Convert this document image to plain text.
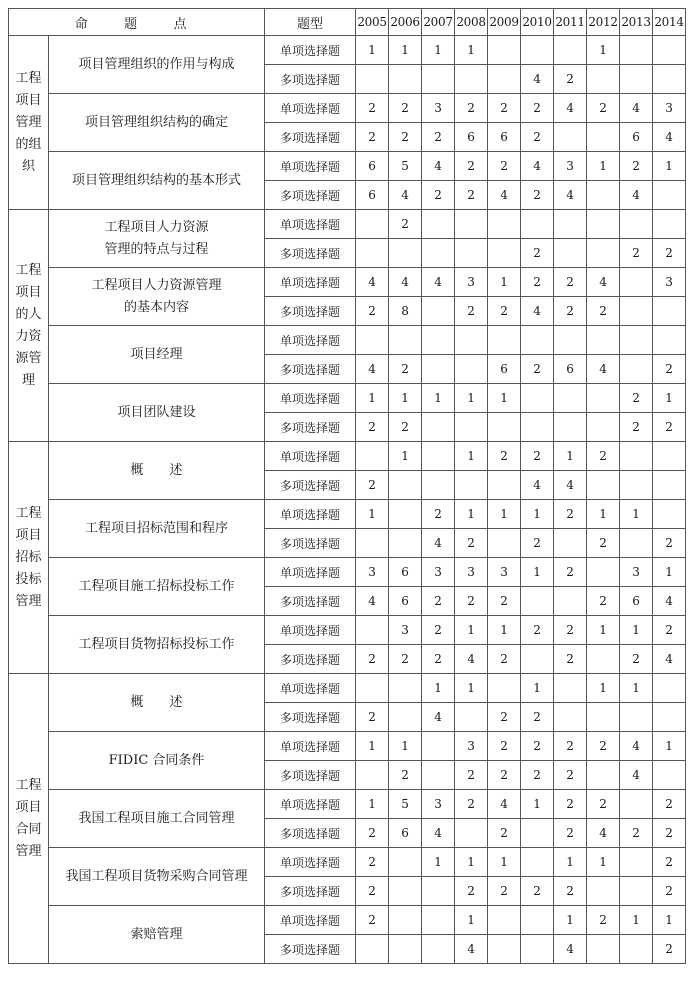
命　题　点		题型	2005	2006	2007	2008	2009	2010	2011	2012	2013	2014
工程项目管理的组织	项目管理组织的作用与构成	单项选择题	1	1	1	1				1		
		多项选择题						4	2			
	项目管理组织结构的确定	单项选择题	2	2	3	2	2	2	4	2	4	3
		多项选择题	2	2	2	6	6	2			6	4
	项目管理组织结构的基本形式	单项选择题	6	5	4	2	2	4	3	1	2	1
		多项选择题	6	4	2	2	4	2	4		4	
工程项目的人力资源管理	工程项目人力资源
管理的特点与过程	单项选择题		2								
		多项选择题						2			2	2
	工程项目人力资源管理
的基本内容	单项选择题	4	4	4	3	1	2	2	4		3
		多项选择题	2	8		2	2	4	2	2		
	项目经理	单项选择题										
		多项选择题	4	2			6	2	6	4		2
	项目团队建设	单项选择题	1	1	1	1	1				2	1
		多项选择题	2	2							2	2
工程项目招标投标管理	概　　述	单项选择题		1		1	2	2	1	2		
		多项选择题	2					4	4			
	工程项目招标范围和程序	单项选择题	1		2	1	1	1	2	1	1	
		多项选择题			4	2		2		2		2
	工程项目施工招标投标工作	单项选择题	3	6	3	3	3	1	2		3	1
		多项选择题	4	6	2	2	2			2	6	4
	工程项目货物招标投标工作	单项选择题		3	2	1	1	2	2	1	1	2
		多项选择题	2	2	2	4	2		2		2	4
工程项目合同管理	概　　述	单项选择题			1	1		1		1	1	
		多项选择题	2		4		2	2				
	FIDIC 合同条件	单项选择题	1	1		3	2	2	2	2	4	1
		多项选择题		2		2	2	2	2		4	
	我国工程项目施工合同管理	单项选择题	1	5	3	2	4	1	2	2		2
		多项选择题	2	6	4		2		2	4	2	2
	我国工程项目货物采购合同管理	单项选择题	2		1	1	1		1	1		2
		多项选择题	2			2	2	2	2			2
	索赔管理	单项选择题	2			1			1	2	1	1
		多项选择题				4			4			2
